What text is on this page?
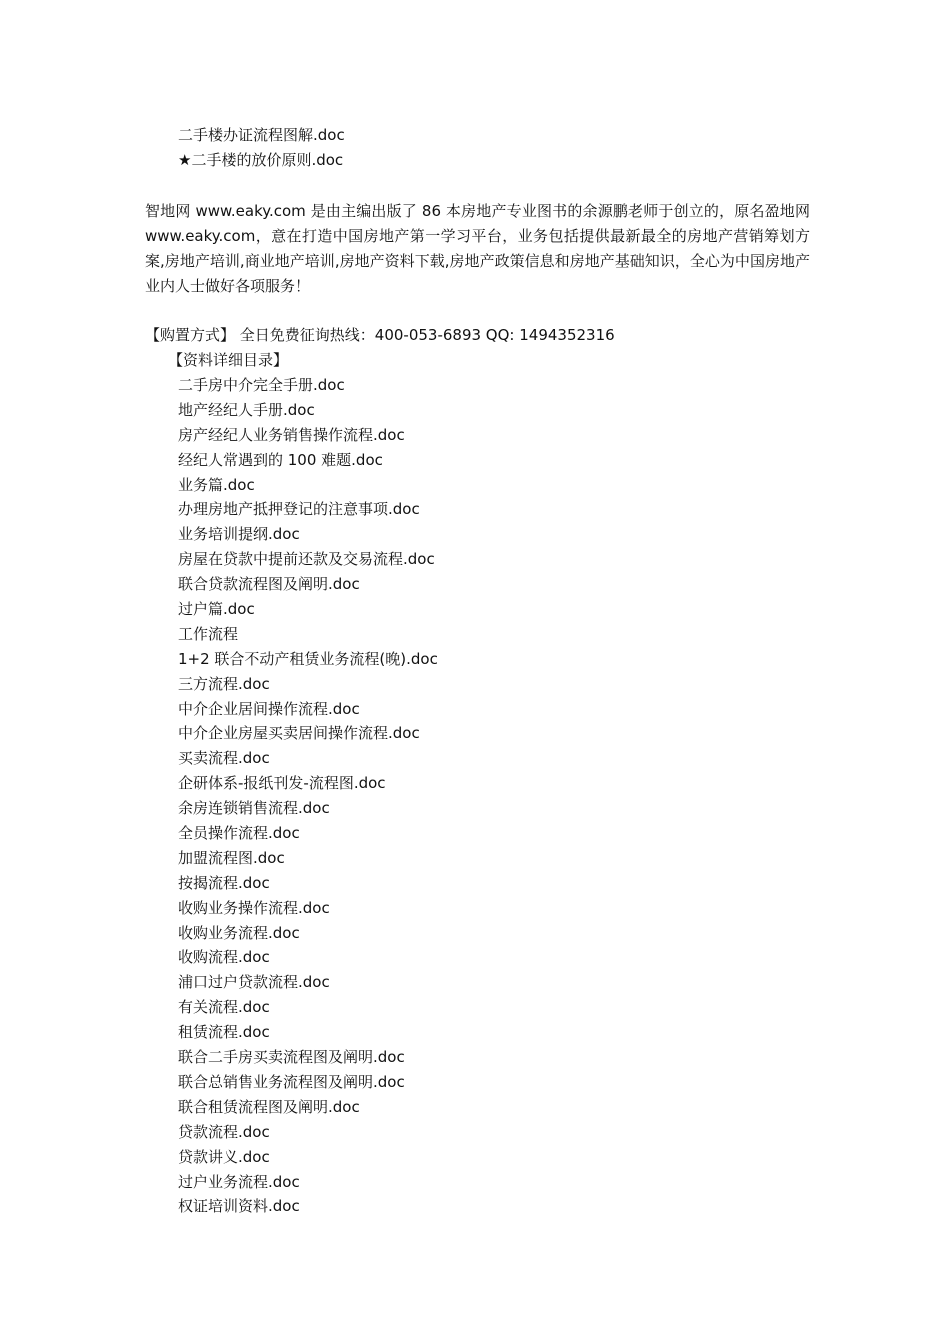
二手楼办证流程图解.doc
★二手楼的放价原则.doc
智地网 www.eaky.com 是由主编出版了 86 本房地产专业图书的余源鹏老师于创立的，原名盈地网 www.eaky.com，意在打造中国房地产第一学习平台，业务包括提供最新最全的房地产营销筹划方案,房地产培训,商业地产培训,房地产资料下载,房地产政策信息和房地产基础知识，全心为中国房地产业内人士做好各项服务！
【购置方式】 全日免费征询热线：400-053-6893 QQ: 1494352316
【资料详细目录】
二手房中介完全手册.doc
地产经纪人手册.doc
房产经纪人业务销售操作流程.doc
经纪人常遇到的 100 难题.doc
业务篇.doc
办理房地产抵押登记的注意事项.doc
业务培训提纲.doc
房屋在贷款中提前还款及交易流程.doc
联合贷款流程图及阐明.doc
过户篇.doc
工作流程
1+2 联合不动产租赁业务流程(晚).doc
三方流程.doc
中介企业居间操作流程.doc
中介企业房屋买卖居间操作流程.doc
买卖流程.doc
企研体系-报纸刊发-流程图.doc
余房连锁销售流程.doc
全员操作流程.doc
加盟流程图.doc
按揭流程.doc
收购业务操作流程.doc
收购业务流程.doc
收购流程.doc
浦口过户贷款流程.doc
有关流程.doc
租赁流程.doc
联合二手房买卖流程图及阐明.doc
联合总销售业务流程图及阐明.doc
联合租赁流程图及阐明.doc
贷款流程.doc
贷款讲义.doc
过户业务流程.doc
权证培训资料.doc
